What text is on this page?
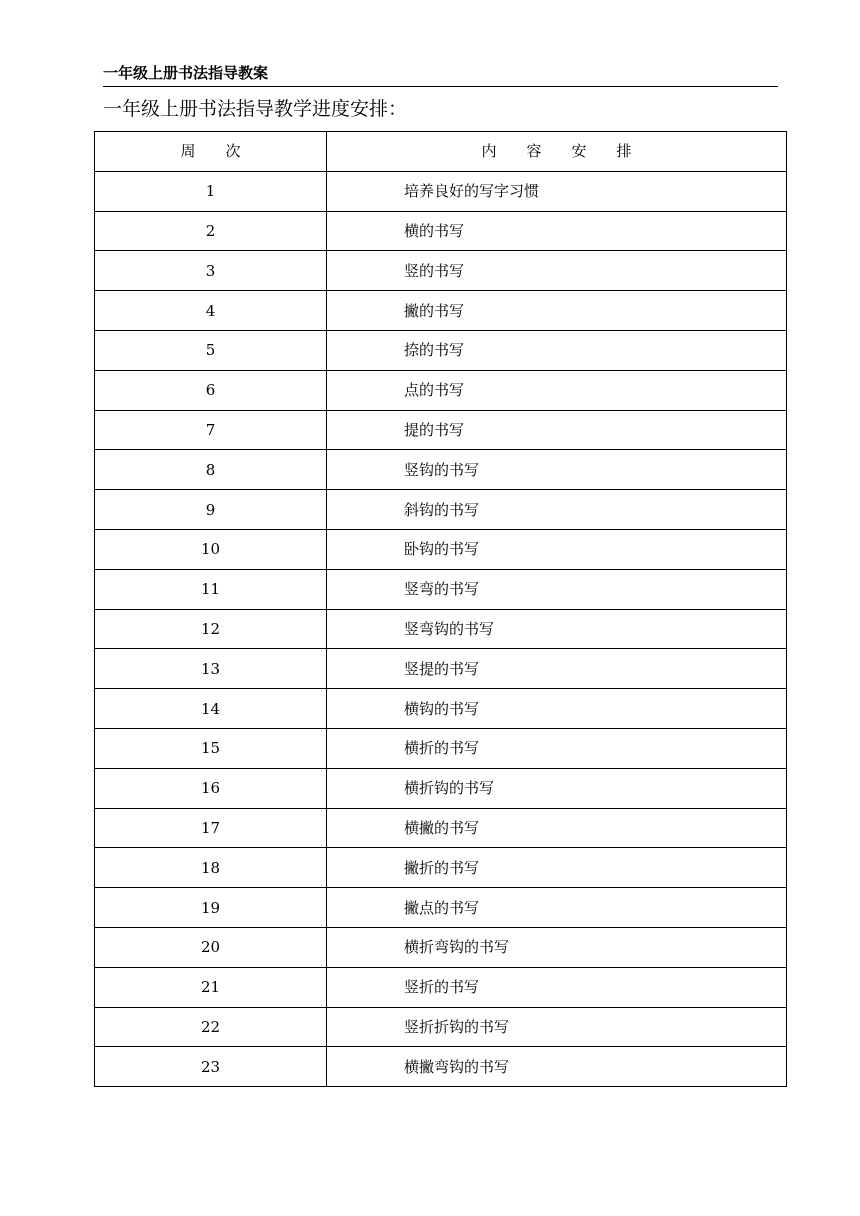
一年级上册书法指导教案
一年级上册书法指导教学进度安排：
周　　次	内　　容　　安　　排
1	培养良好的写字习惯
2	横的书写
3	竖的书写
4	撇的书写
5	捺的书写
6	点的书写
7	提的书写
8	竖钩的书写
9	斜钩的书写
10	卧钩的书写
11	竖弯的书写
12	竖弯钩的书写
13	竖提的书写
14	横钩的书写
15	横折的书写
16	横折钩的书写
17	横撇的书写
18	撇折的书写
19	撇点的书写
20	横折弯钩的书写
21	竖折的书写
22	竖折折钩的书写
23	横撇弯钩的书写
